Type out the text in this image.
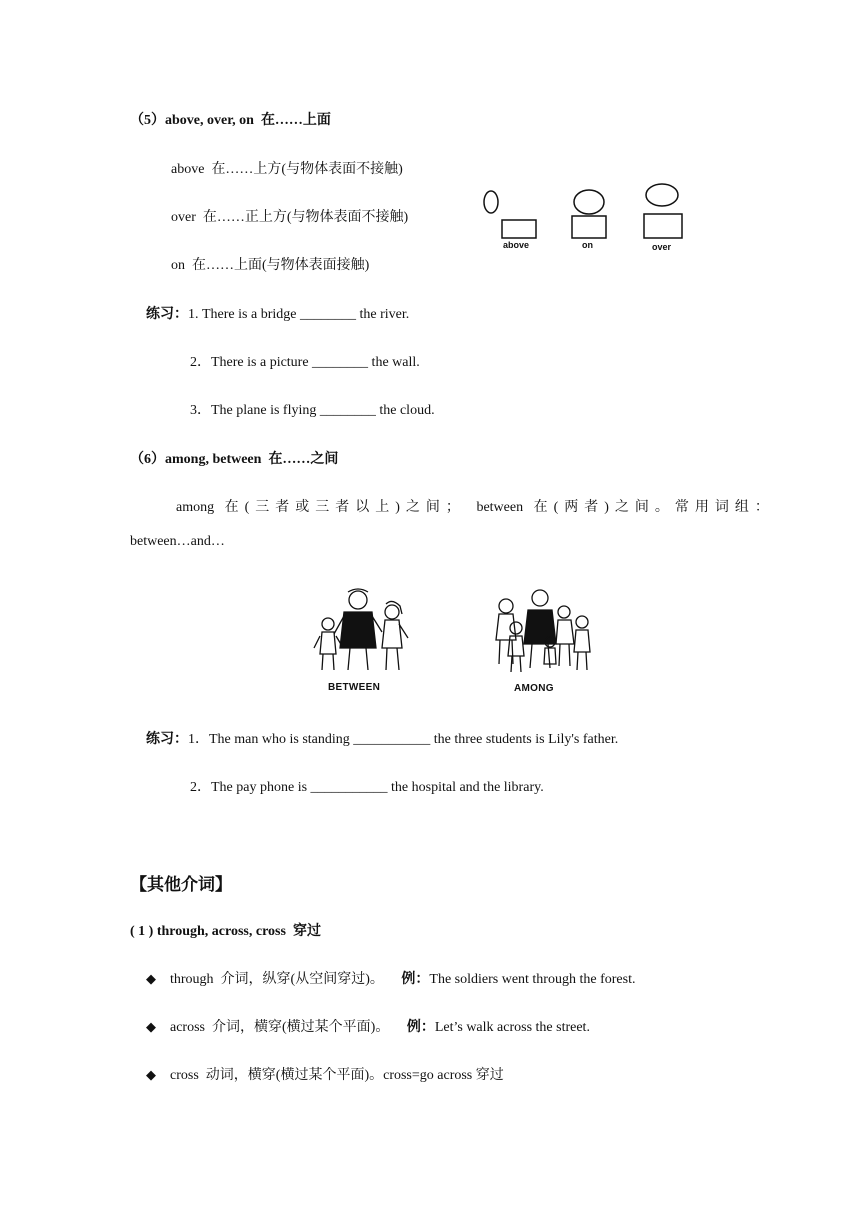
（5）above, over, on 在……上面
above 在……上方(与物体表面不接触)
over 在……正上方(与物体表面不接触)
on 在……上面(与物体表面接触)
above	on	over
练习：1. There is a bridge ________ the river.
2．There is a picture ________ the wall.
3．The plane is flying ________ the cloud.
（6）among, between 在……之间
among 在(三者或三者以上)之间； between 在(两者)之间。常用词组：
between…and…
BETWEEN	AMONG
练习：1．The man who is standing ___________ the three students is Lily's father.
2．The pay phone is ___________ the hospital and the library.
【其他介词】
( 1 ) through, across, cross 穿过
◆ through 介词，纵穿(从空间穿过)。 例：The soldiers went through the forest.
◆ across 介词，横穿(横过某个平面)。 例：Let’s walk across the street.
◆ cross 动词，横穿(横过某个平面)。cross=go across 穿过
